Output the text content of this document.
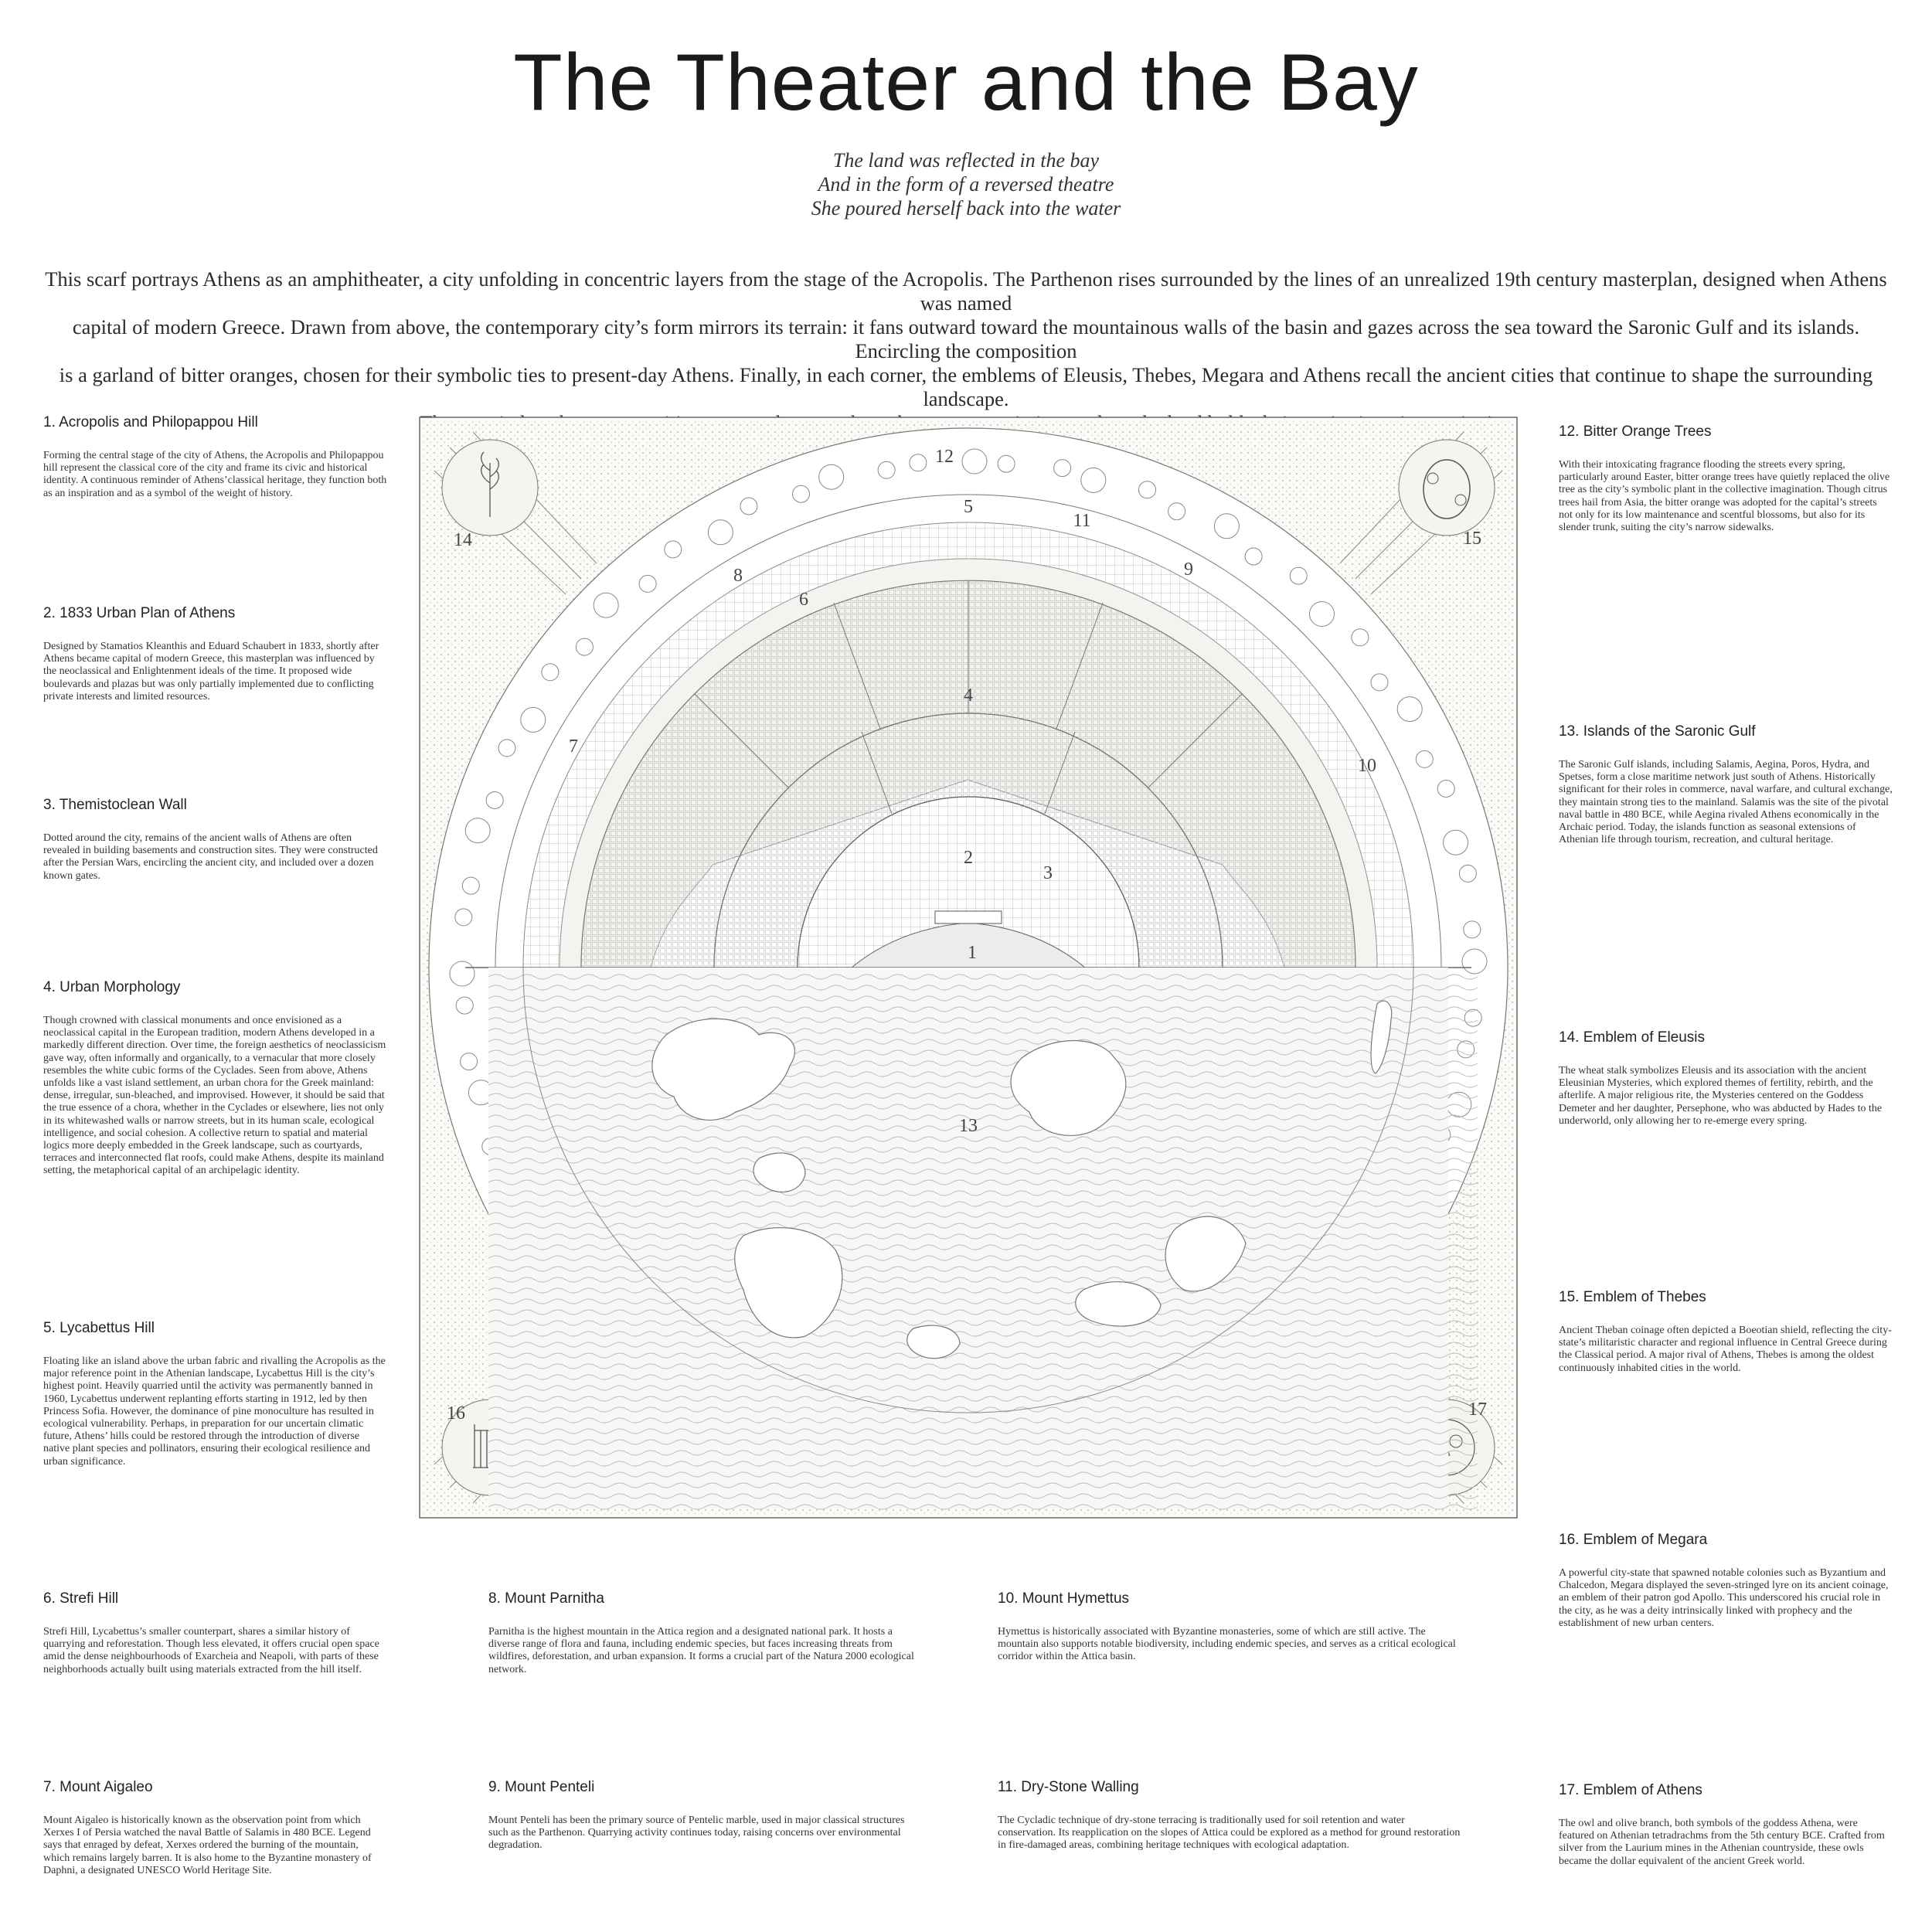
The Theater and the Bay
The land was reflected in the bay
And in the form of a reversed theatre
She poured herself back into the water
This scarf portrays Athens as an amphitheater, a city unfolding in concentric layers from the stage of the Acropolis. The Parthenon rises surrounded by the lines of an unrealized 19th century masterplan, designed when Athens was named
capital of modern Greece. Drawn from above, the contemporary city’s form mirrors its terrain: it fans outward toward the mountainous walls of the basin and gazes across the sea toward the Saronic Gulf and its islands. Encircling the composition
is a garland of bitter oranges, chosen for their symbolic ties to present-day Athens. Finally, in each corner, the emblems of Eleusis, Thebes, Megara and Athens recall the ancient cities that continue to shape the surrounding landscape.
1. Acropolis and Philopappou Hill

Forming the central stage of the city of Athens, the Acropolis and Philopappou hill represent the classical core of the city and frame its civic and historical identity. A continuous reminder of Athens’classical heritage, they function both as an inspiration and as a symbol of the weight of history.

2. 1833 Urban Plan of Athens

Designed by Stamatios Kleanthis and Eduard Schaubert in 1833, shortly after Athens became capital of modern Greece, this masterplan was influenced by the neoclassical and Enlightenment ideals of the time. It proposed wide boulevards and plazas but was only partially implemented due to conflicting private interests and limited resources.

3. Themistoclean Wall

Dotted around the city, remains of the ancient walls of Athens are often revealed in building basements and construction sites. They were constructed after the Persian Wars, encircling the ancient city, and included over a dozen known gates.

4. Urban Morphology

Though crowned with classical monuments and once envisioned as a neoclassical capital in the European tradition, modern Athens developed in a markedly different direction. Over time, the foreign aesthetics of neoclassicism gave way, often informally and organically, to a vernacular that more closely resembles the white cubic forms of the Cyclades. Seen from above, Athens unfolds like a vast island settlement, an urban chora for the Greek mainland: dense, irregular, sun-bleached, and improvised. However, it should be said that the true essence of a chora, whether in the Cyclades or elsewhere, lies not only in its whitewashed walls or narrow streets, but in its human scale, ecological intelligence, and social cohesion. A collective return to spatial and material logics more deeply embedded in the Greek landscape, such as courtyards, terraces and interconnected flat roofs, could make Athens, despite its mainland setting, the metaphorical capital of an archipelagic identity.

5. Lycabettus Hill

Floating like an island above the urban fabric and rivalling the Acropolis as the major reference point in the Athenian landscape, Lycabettus Hill is the city’s highest point. Heavily quarried until the activity was permanently banned in 1960, Lycabettus underwent replanting efforts starting in 1912, led by then Princess Sofia. However, the dominance of pine monoculture has resulted in ecological vulnerability. Perhaps, in preparation for our uncertain climatic future, Athens’ hills could be restored through the introduction of diverse native plant species and pollinators, ensuring their ecological resilience and urban significance.

6. Strefi Hill

Strefi Hill, Lycabettus’s smaller counterpart, shares a similar history of quarrying and reforestation. Though less elevated, it offers crucial open space amid the dense neighbourhoods of Exarcheia and Neapoli, with parts of these neighborhoods actually built using materials extracted from the hill itself.

7. Mount Aigaleo

Mount Aigaleo is historically known as the observation point from which Xerxes I of Persia watched the naval Battle of Salamis in 480 BCE. Legend says that enraged by defeat, Xerxes ordered the burning of the mountain, which remains largely barren. It is also home to the Byzantine monastery of Daphni, a designated UNESCO World Heritage Site.

8. Mount Parnitha

Parnitha is the highest mountain in the Attica region and a designated national park. It hosts a diverse range of flora and fauna, including endemic species, but faces increasing threats from wildfires, deforestation, and urban expansion. It forms a crucial part of the Natura 2000 ecological network.

9. Mount Penteli

Mount Penteli has been the primary source of Pentelic marble, used in major classical structures such as the Parthenon. Quarrying activity continues today, raising concerns over environmental degradation.

10. Mount Hymettus

Hymettus is historically associated with Byzantine monasteries, some of which are still active. The mountain also supports notable biodiversity, including endemic species, and serves as a critical ecological corridor within the Attica basin.

11. Dry-Stone Walling

The Cycladic technique of dry-stone terracing is traditionally used for soil retention and water conservation. Its reapplication on the slopes of Attica could be explored as a method for ground restoration in fire-damaged areas, combining heritage techniques with ecological adaptation.

12. Bitter Orange Trees

With their intoxicating fragrance flooding the streets every spring, particularly around Easter, bitter orange trees have quietly replaced the olive tree as the city’s symbolic plant in the collective imagination. Though citrus trees hail from Asia, the bitter orange was adopted for the capital’s streets not only for its low maintenance and scentful blossoms, but also for its slender trunk, suiting the city’s narrow sidewalks.

13. Islands of the Saronic Gulf

The Saronic Gulf islands, including Salamis, Aegina, Poros, Hydra, and Spetses, form a close maritime network just south of Athens. Historically significant for their roles in commerce, naval warfare, and cultural exchange, they maintain strong ties to the mainland. Salamis was the site of the pivotal naval battle in 480 BCE, while Aegina rivaled Athens economically in the Archaic period. Today, the islands function as seasonal extensions of Athenian life through tourism, recreation, and cultural heritage.

14. Emblem of Eleusis

The wheat stalk symbolizes Eleusis and its association with the ancient Eleusinian Mysteries, which explored themes of fertility, rebirth, and the afterlife. A major religious rite, the Mysteries centered on the Goddess Demeter and her daughter, Persephone, who was abducted by Hades to the underworld, only allowing her to re-emerge every spring.

15. Emblem of Thebes

Ancient Theban coinage often depicted a Boeotian shield, reflecting the city-state’s militaristic character and regional influence in Central Greece during the Classical period. A major rival of Athens, Thebes is among the oldest continuously inhabited cities in the world.

16. Emblem of Megara

A powerful city-state that spawned notable colonies such as Byzantium and Chalcedon, Megara displayed the seven-stringed lyre on its ancient coinage, an emblem of their patron god Apollo. This underscored his crucial role in the city, as he was a deity intrinsically linked with prophecy and the establishment of new urban centers.

17. Emblem of Athens

The owl and olive branch, both symbols of the goddess Athena, were featured on Athenian tetradrachms from the 5th century BCE. Crafted from silver from the Laurium mines in the Athenian countryside, these owls became the dollar equivalent of the ancient Greek world.

1
2
3
4
5
6
7
8	9
10
11
12
13
14	15
16	17
